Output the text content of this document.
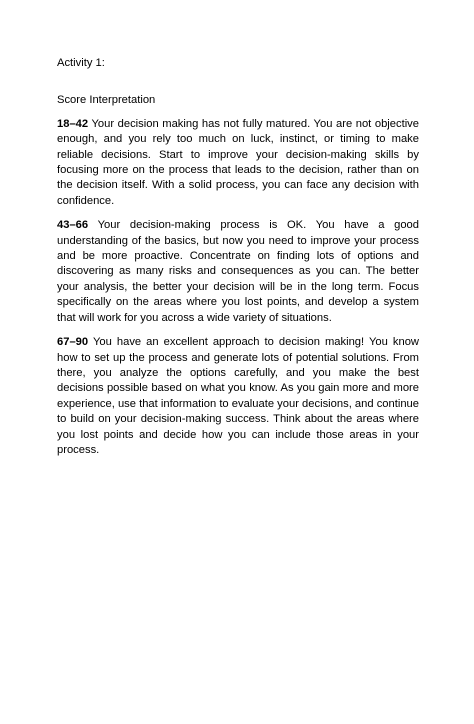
Activity 1:
Score Interpretation

18–42 Your decision making has not fully matured. You are not objective enough, and you rely too much on luck, instinct, or timing to make reliable decisions. Start to improve your decision-making skills by focusing more on the process that leads to the decision, rather than on the decision itself. With a solid process, you can face any decision with confidence.

43–66 Your decision-making process is OK. You have a good understanding of the basics, but now you need to improve your process and be more proactive. Concentrate on finding lots of options and discovering as many risks and consequences as you can. The better your analysis, the better your decision will be in the long term. Focus specifically on the areas where you lost points, and develop a system that will work for you across a wide variety of situations.

67–90 You have an excellent approach to decision making! You know how to set up the process and generate lots of potential solutions. From there, you analyze the options carefully, and you make the best decisions possible based on what you know. As you gain more and more experience, use that information to evaluate your decisions, and continue to build on your decision-making success. Think about the areas where you lost points and decide how you can include those areas in your process.
